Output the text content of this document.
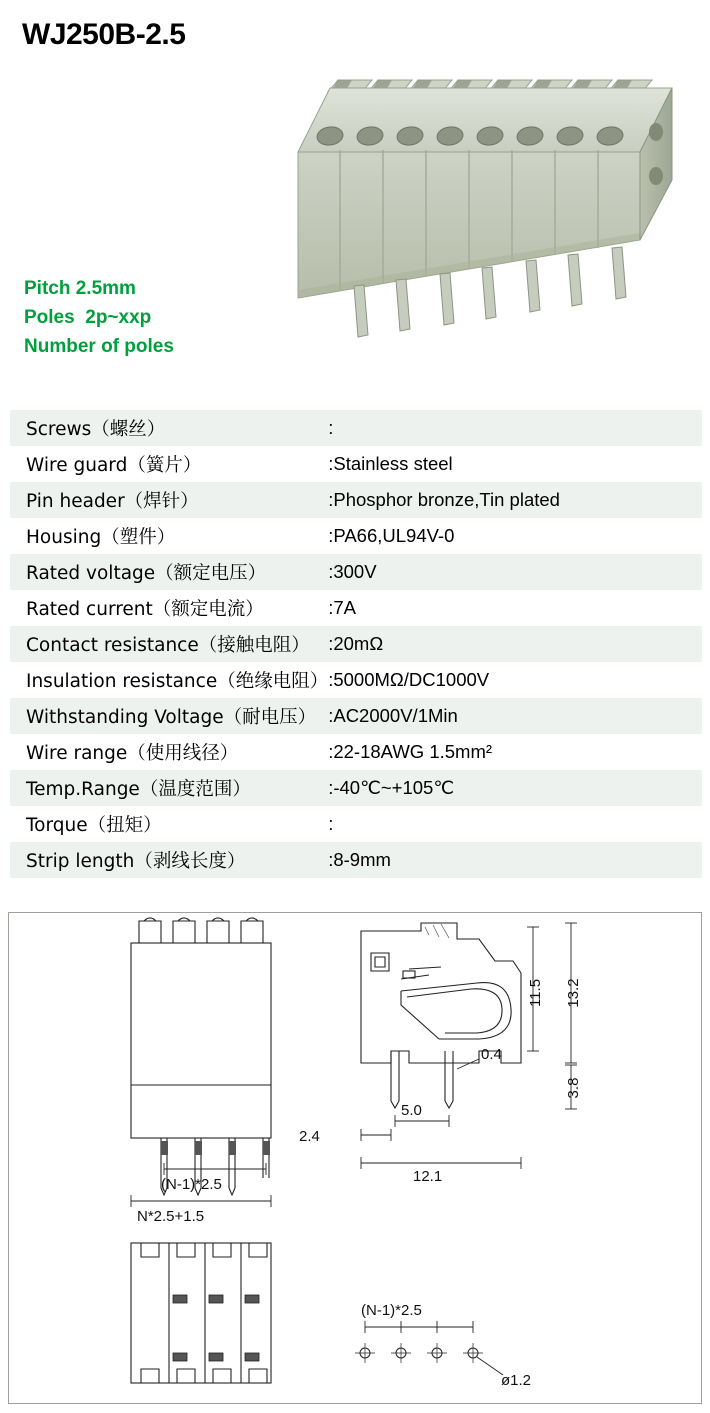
WJ250B-2.5
Pitch 2.5mm
Poles  2p~xxp
Number of poles
Screws（螺丝）	:
Wire guard（簧片）	:Stainless steel
Pin header（焊针）	:Phosphor bronze,Tin plated
Housing（塑件）	:PA66,UL94V-0
Rated voltage（额定电压）	:300V
Rated current（额定电流）	:7A
Contact resistance（接触电阻）	:20mΩ
Insulation resistance（绝缘电阻）	:5000MΩ/DC1000V
Withstanding Voltage（耐电压）	:AC2000V/1Min
Wire range（使用线径）	:22-18AWG 1.5mm²
Temp.Range（温度范围）	:-40℃~+105℃
Torque（扭矩）	:
Strip length（剥线长度）	:8-9mm
(N-1)*2.5
N*2.5+1.5
11.5 13.2
3.8
2.4
5.0
0.4
12.1
(N-1)*2.5
ø1.2
